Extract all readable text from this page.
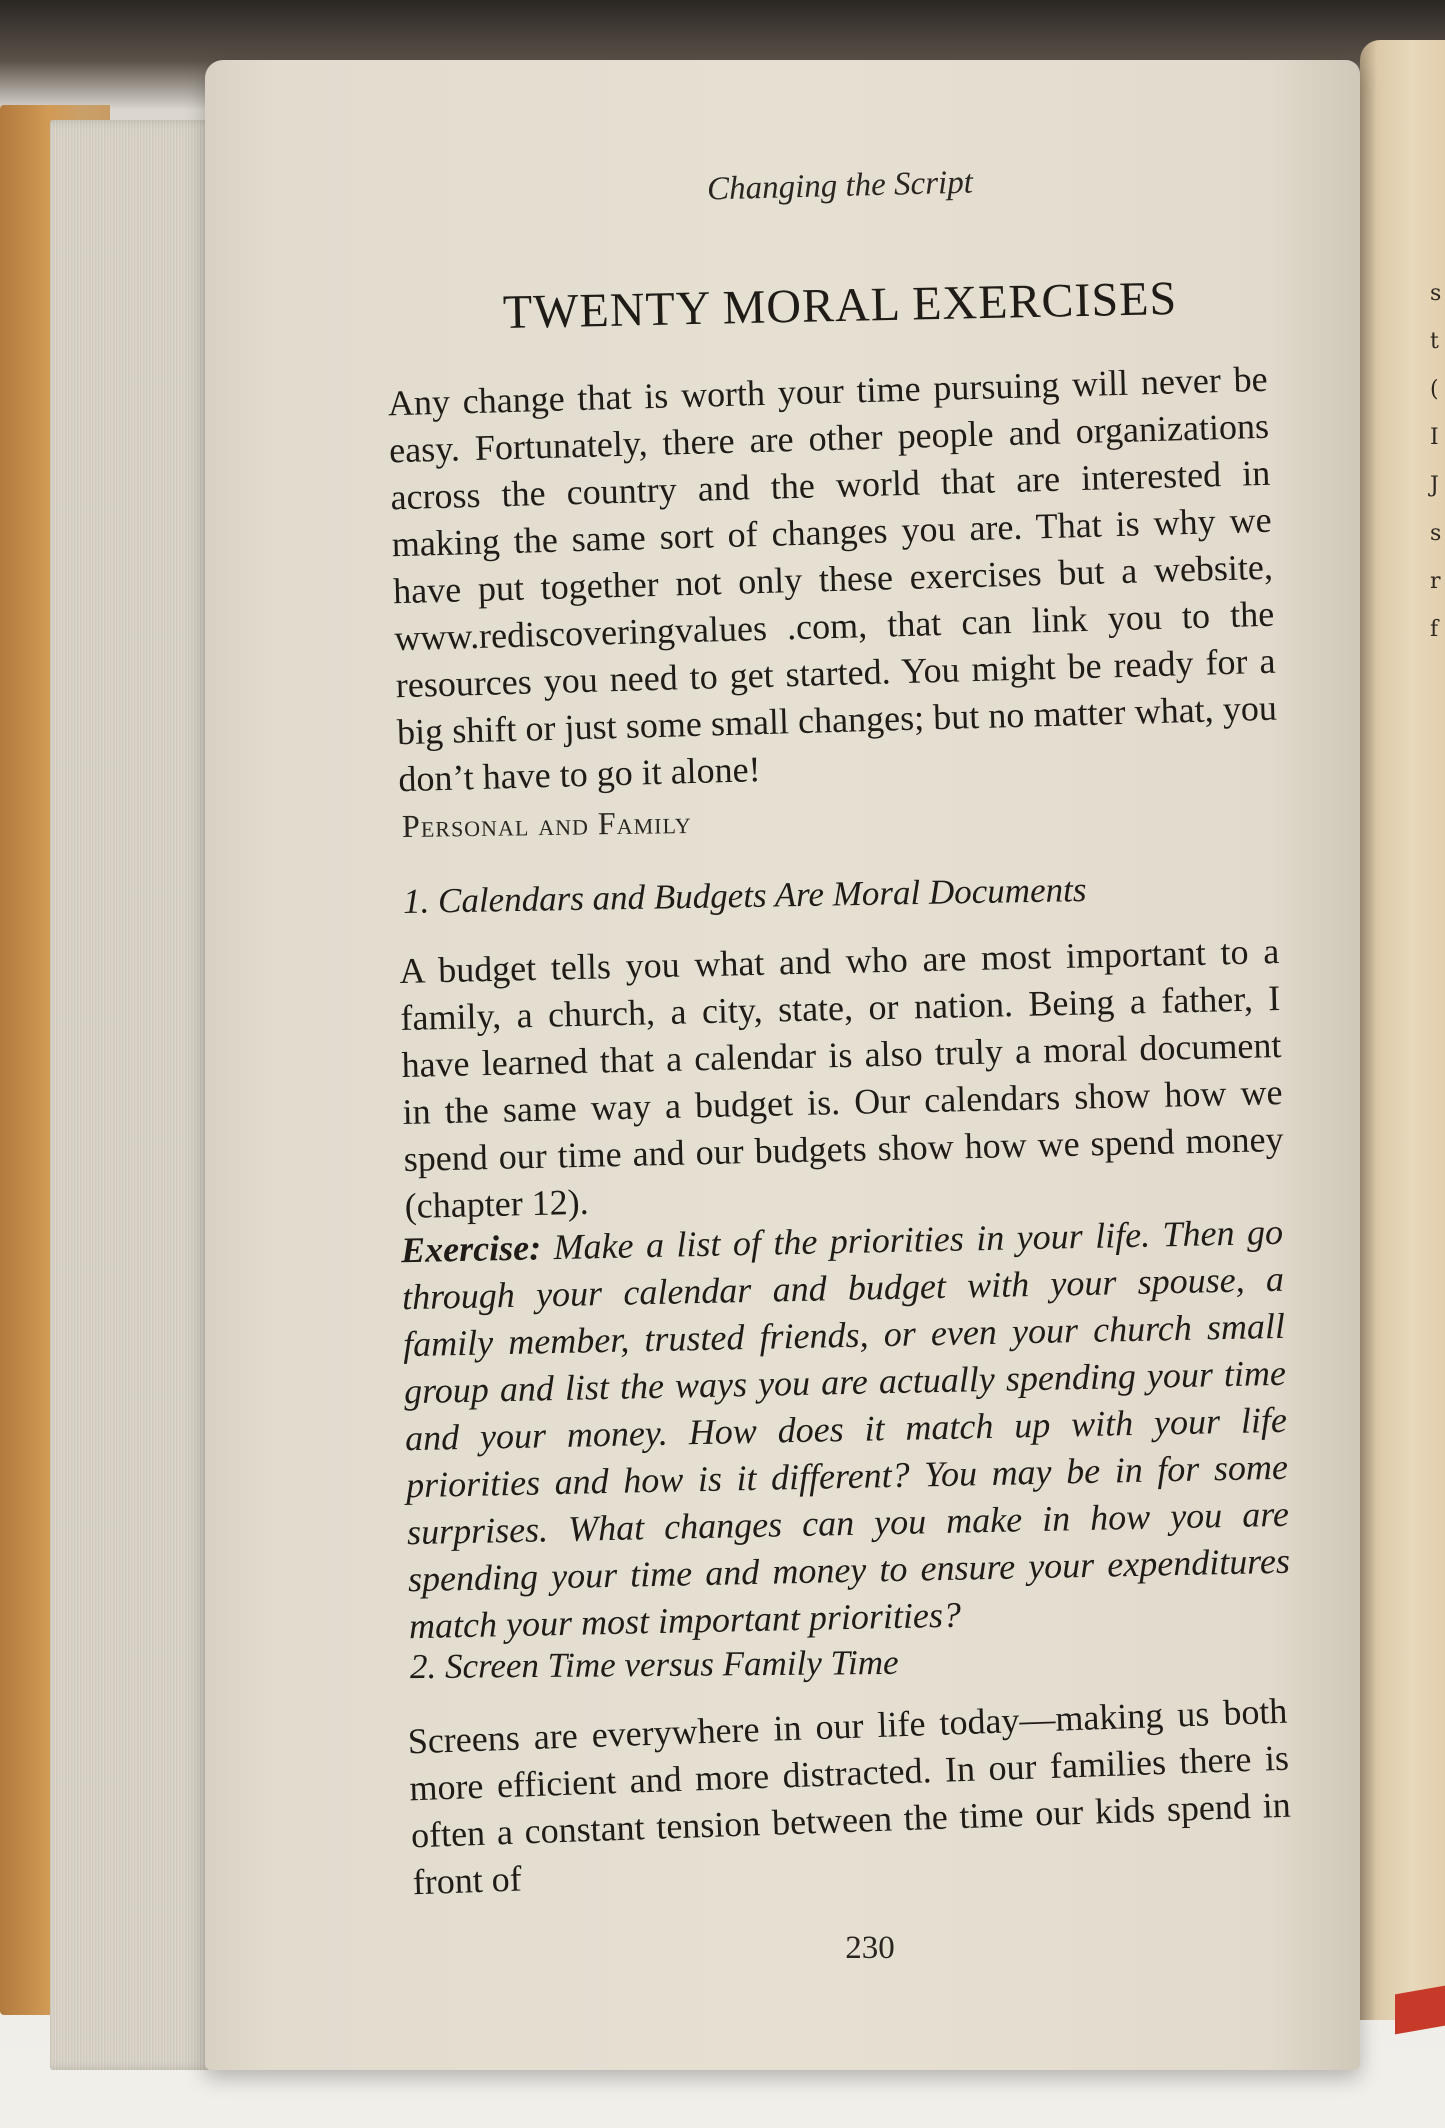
s
t
(
I
J
s
r
f
Changing the Script
TWENTY MORAL EXERCISES
Any change that is worth your time pursuing will never be easy. Fortunately, there are other people and organizations across the country and the world that are interested in making the same sort of changes you are. That is why we have put together not only these exercises but a website, www.rediscoveringvalues .com, that can link you to the resources you need to get started. You might be ready for a big shift or just some small changes; but no matter what, you don’t have to go it alone!
Personal and Family
1. Calendars and Budgets Are Moral Documents
A budget tells you what and who are most important to a family, a church, a city, state, or nation. Being a father, I have learned that a calendar is also truly a moral document in the same way a budget is. Our calendars show how we spend our time and our budgets show how we spend money (chapter 12).
Exercise: Make a list of the priorities in your life. Then go through your calendar and budget with your spouse, a family member, trusted friends, or even your church small group and list the ways you are actually spending your time and your money. How does it match up with your life priorities and how is it different? You may be in for some surprises. What changes can you make in how you are spending your time and money to ensure your expenditures match your most important priorities?
2. Screen Time versus Family Time
Screens are everywhere in our life today—making us both more efficient and more distracted. In our families there is often a constant tension between the time our kids spend in front of
230
